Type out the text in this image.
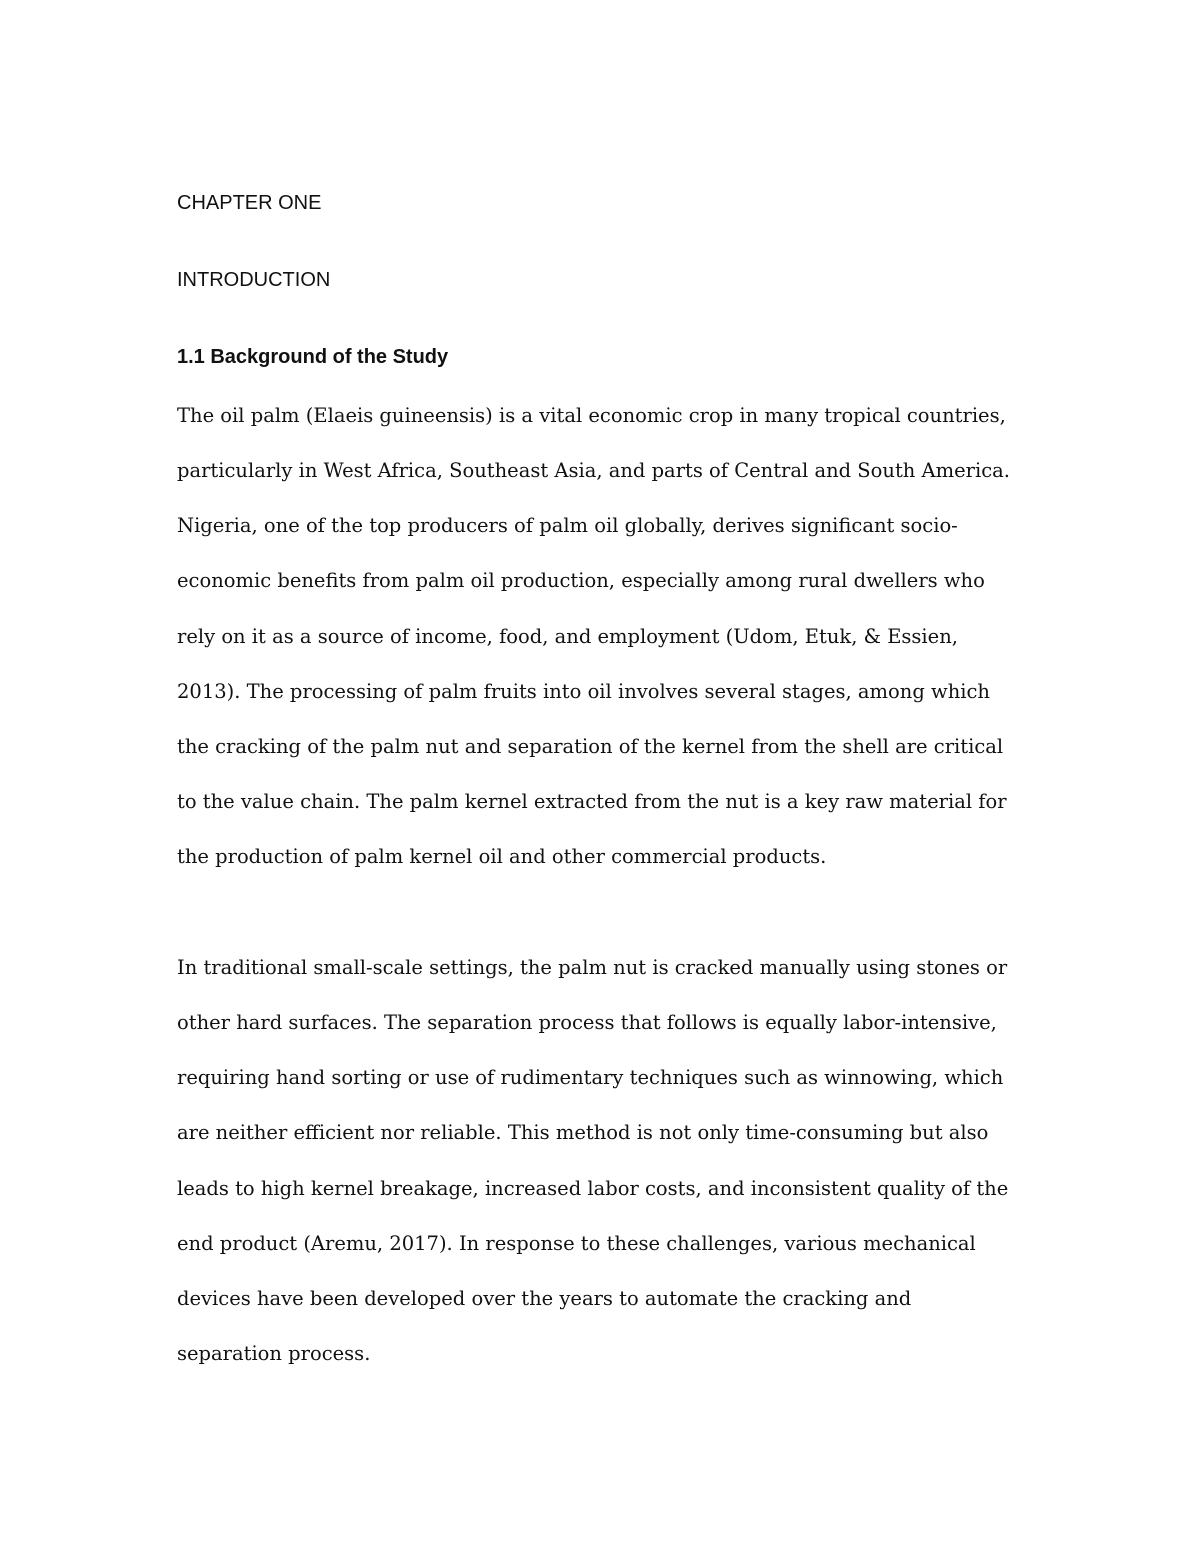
CHAPTER ONE
INTRODUCTION
1.1 Background of the Study

The oil palm (Elaeis guineensis) is a vital economic crop in many tropical countries,

particularly in West Africa, Southeast Asia, and parts of Central and South America.

Nigeria, one of the top producers of palm oil globally, derives significant socio-

economic benefits from palm oil production, especially among rural dwellers who

rely on it as a source of income, food, and employment (Udom, Etuk, & Essien,

2013). The processing of palm fruits into oil involves several stages, among which

the cracking of the palm nut and separation of the kernel from the shell are critical

to the value chain. The palm kernel extracted from the nut is a key raw material for

the production of palm kernel oil and other commercial products.

In traditional small-scale settings, the palm nut is cracked manually using stones or

other hard surfaces. The separation process that follows is equally labor-intensive,

requiring hand sorting or use of rudimentary techniques such as winnowing, which

are neither efficient nor reliable. This method is not only time-consuming but also

leads to high kernel breakage, increased labor costs, and inconsistent quality of the

end product (Aremu, 2017). In response to these challenges, various mechanical

devices have been developed over the years to automate the cracking and

separation process.
